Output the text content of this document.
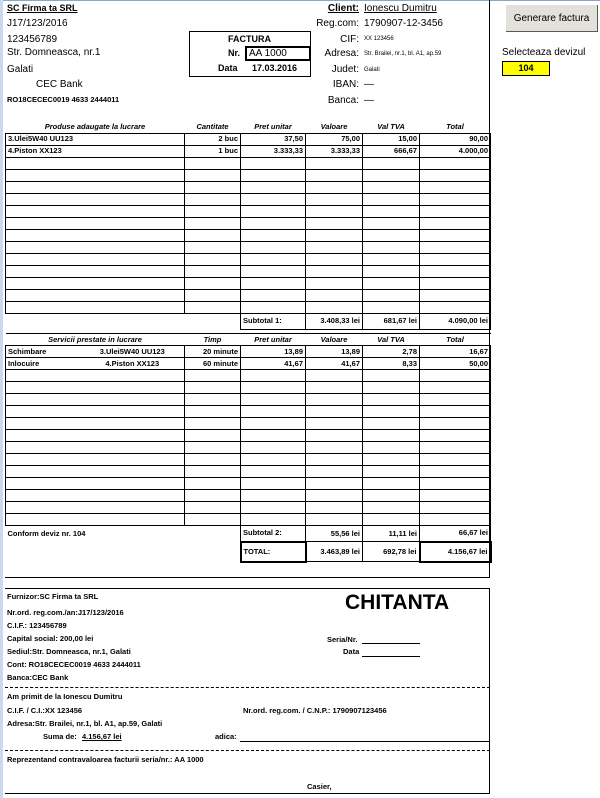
SC Firma ta SRL
J17/123/2016
123456789
Str. Domneasca, nr.1
Galati
CEC Bank
RO18CECEC0019 4633 2444011
FACTURA
Nr.
Data 17.03.2016
AA 1000
Client: Ionescu Dumitru
Reg.com: 1790907-12-3456
CIF: XX 123456
Adresa: Str. Brailei, nr.1, bl. A1, ap.59
Judet: Galati
IBAN: —
Banca: —
Produse adaugate la lucrare	Cantitate	Pret unitar	Valoare	Val TVA	Total
3.Ulei5W40 UU123	2 buc	37,50	75,00	15,00	90,00
4.Piston XX123	1 buc	3.333,33	3.333,33	666,67	4.000,00

		Subtotal 1:	3.408,33 lei	681,67 lei	4.090,00 lei
Servicii prestate in lucrare		Timp	Pret unitar	Valoare	Val TVA	Total
Schimbare	3.Ulei5W40 UU123	20 minute	13,89	13,89	2,78	16,67
Inlocuire	4.Piston XX123	60 minute	41,67	41,67	8,33	50,00

Conform deviz nr. 104			Subtotal 2:	55,56 lei	11,11 lei	66,67 lei
			TOTAL:	3.463,89 lei	692,78 lei	4.156,67 lei
Generare factura
Selecteaza devizul
104
Furnizor:SC Firma ta SRL
Nr.ord. reg.com./an:J17/123/2016
C.I.F.: 123456789
Capital social: 200,00 lei
Sediul:Str. Domneasca, nr.1, Galati
Cont: RO18CECEC0019 4633 2444011
Banca:CEC Bank
CHITANTA
Seria/Nr.
Data
Am primit de la Ionescu Dumitru
C.I.F. / C.I.:XX 123456	Nr.ord. reg.com. / C.N.P.: 1790907123456
Adresa:Str. Brailei, nr.1, bl. A1, ap.59, Galati
Suma de: 4.156,67 lei	adica:
Reprezentand contravaloarea facturii seria/nr.: AA 1000
Casier,
